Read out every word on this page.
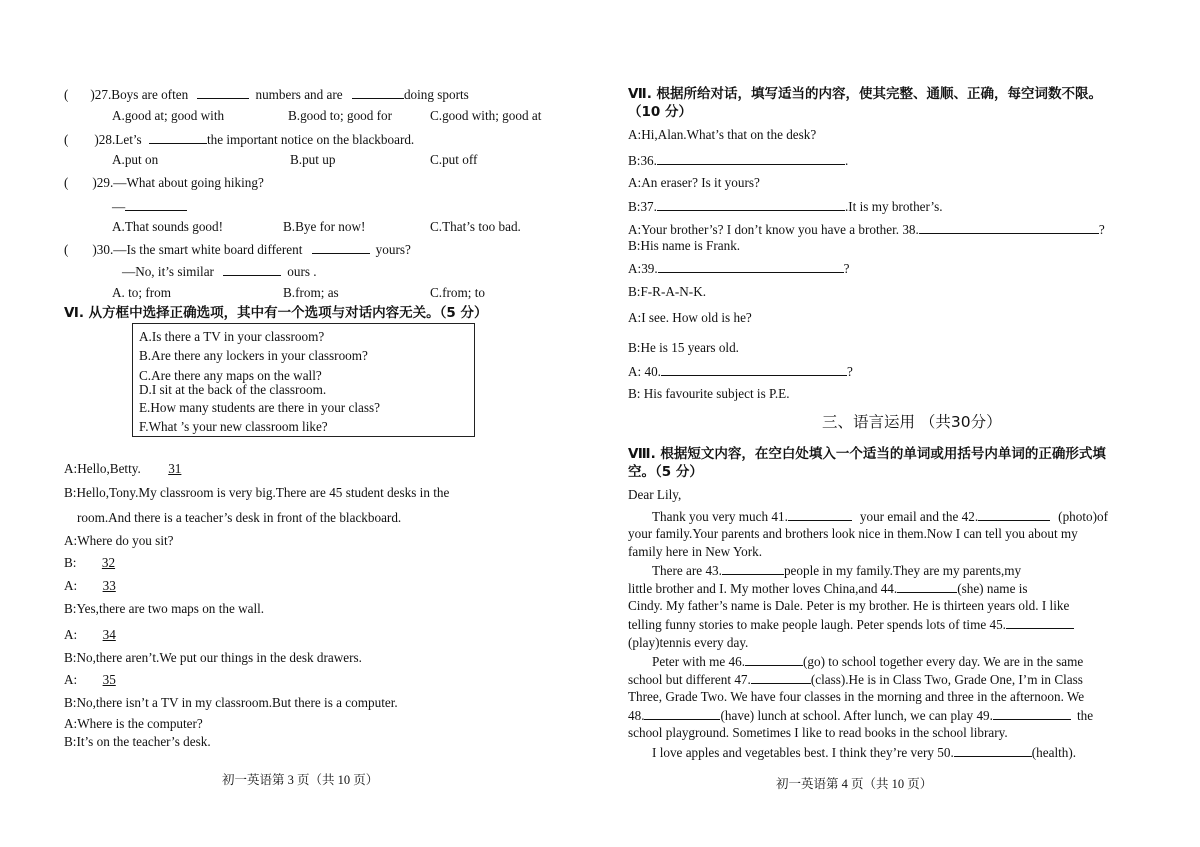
( )27.Boys are often	numbers and are	doing sports
A.good at; good with	B.good to; good for	C.good with; good at
( )28.Let’s	the important notice on the blackboard.
A.put on	B.put up	C.put off
( )29.—What about going hiking?
—
A.That sounds good!	B.Bye for now!	C.That’s too bad.
( )30.—Is the smart white board different	yours?
—No, it’s similar	ours .
A. to; from	B.from; as	C.from; to
Ⅵ. 从方框中选择正确选项，其中有一个选项与对话内容无关。（5 分）
A.Is there a TV in your classroom?
B.Are there any lockers in your classroom?
C.Are there any maps on the wall?
D.I sit at the back of the classroom.
E.How many students are there in your class?
F.What ’s your new classroom like?
A:Hello,Betty. 31
B:Hello,Tony.My classroom is very big.There are 45 student desks in the
room.And there is a teacher’s desk in front of the blackboard.
A:Where do you sit?
B: 32
A: 33
B:Yes,there are two maps on the wall.
A: 34
B:No,there aren’t.We put our things in the desk drawers.
A: 35
B:No,there isn’t a TV in my classroom.But there is a computer.
A:Where is the computer?
B:It’s on the teacher’s desk.
初一英语第 3 页（共 10 页）
Ⅶ. 根据所给对话，填写适当的内容，使其完整、通顺、正确，每空词数不限。
（10 分）
A:Hi,Alan.What’s that on the desk?
B:36.	.
A:An eraser? Is it yours?
B:37.	.It is my brother’s.
A:Your brother’s? I don’t know you have a brother. 38.	?
B:His name is Frank.
A:39.	?
B:F-R-A-N-K.
A:I see. How old is he?
B:He is 15 years old.
A: 40.	?
B: His favourite subject is P.E.
三、语言运用 （共30分）
Ⅷ. 根据短文内容，在空白处填入一个适当的单词或用括号内单词的正确形式填
空。（5 分）
Dear Lily,
Thank you very much 41.	your email and the 42.	(photo)of
your family.Your parents and brothers look nice in them.Now I can tell you about my
family here in New York.
There are 43.	people in my family.They are my parents,my
little brother and I. My mother loves China,and 44.	(she) name is
Cindy. My father’s name is Dale. Peter is my brother. He is thirteen years old. I like
telling funny stories to make people laugh. Peter spends lots of time 45.
(play)tennis every day.
Peter with me 46.	(go) to school together every day. We are in the same
school but different 47.	(class).He is in Class Two, Grade One, I’m in Class
Three, Grade Two. We have four classes in the morning and three in the afternoon. We
48.	(have) lunch at school. After lunch, we can play 49.	the
school playground. Sometimes I like to read books in the school library.
I love apples and vegetables best. I think they’re very 50.	(health).
初一英语第 4 页（共 10 页）
